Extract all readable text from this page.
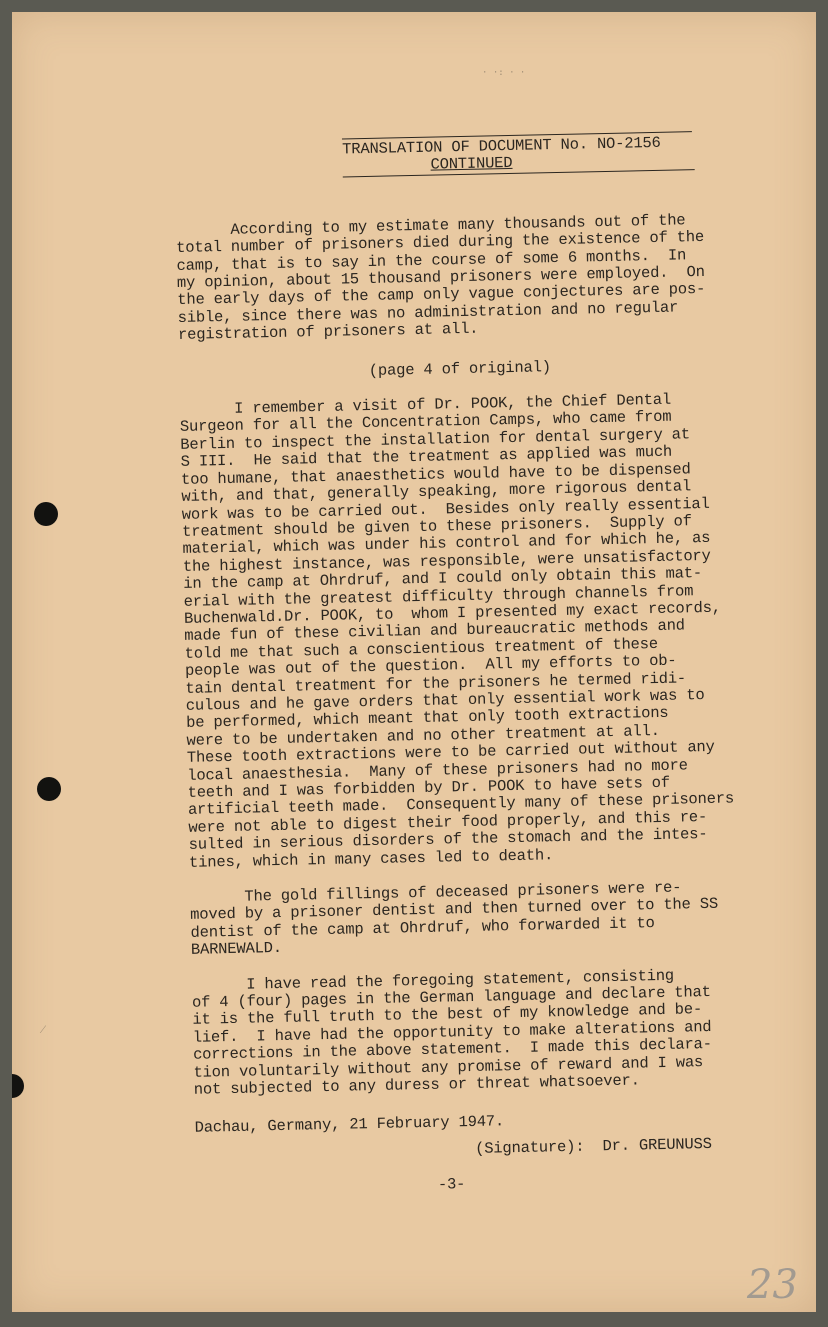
· ·: · ·
⁄
TRANSLATION OF DOCUMENT No. NO-2156
CONTINUED

According to my estimate many thousands out of the
total number of prisoners died during the existence of the
camp, that is to say in the course of some 6 months.  In
my opinion, about 15 thousand prisoners were employed.  On
the early days of the camp only vague conjectures are pos-
sible, since there was no administration and no regular
registration of prisoners at all.

(page 4 of original)

I remember a visit of Dr. POOK, the Chief Dental
Surgeon for all the Concentration Camps, who came from
Berlin to inspect the installation for dental surgery at
S III.  He said that the treatment as applied was much
too humane, that anaesthetics would have to be dispensed
with, and that, generally speaking, more rigorous dental
work was to be carried out.  Besides only really essential
treatment should be given to these prisoners.  Supply of
material, which was under his control and for which he, as
the highest instance, was responsible, were unsatisfactory
in the camp at Ohrdruf, and I could only obtain this mat-
erial with the greatest difficulty through channels from
Buchenwald.Dr. POOK, to  whom I presented my exact records,
made fun of these civilian and bureaucratic methods and
told me that such a conscientious treatment of these
people was out of the question.  All my efforts to ob-
tain dental treatment for the prisoners he termed ridi-
culous and he gave orders that only essential work was to
be performed, which meant that only tooth extractions
were to be undertaken and no other treatment at all.
These tooth extractions were to be carried out without any
local anaesthesia.  Many of these prisoners had no more
teeth and I was forbidden by Dr. POOK to have sets of
artificial teeth made.  Consequently many of these prisoners
were not able to digest their food properly, and this re-
sulted in serious disorders of the stomach and the intes-
tines, which in many cases led to death.

The gold fillings of deceased prisoners were re-
moved by a prisoner dentist and then turned over to the SS
dentist of the camp at Ohrdruf, who forwarded it to
BARNEWALD.

I have read the foregoing statement, consisting
of 4 (four) pages in the German language and declare that
it is the full truth to the best of my knowledge and be-
lief.  I have had the opportunity to make alterations and
corrections in the above statement.  I made this declara-
tion voluntarily without any promise of reward and I was
not subjected to any duress or threat whatsoever.

Dachau, Germany, 21 February 1947.

(Signature):  Dr. GREUNUSS

-3-

23
